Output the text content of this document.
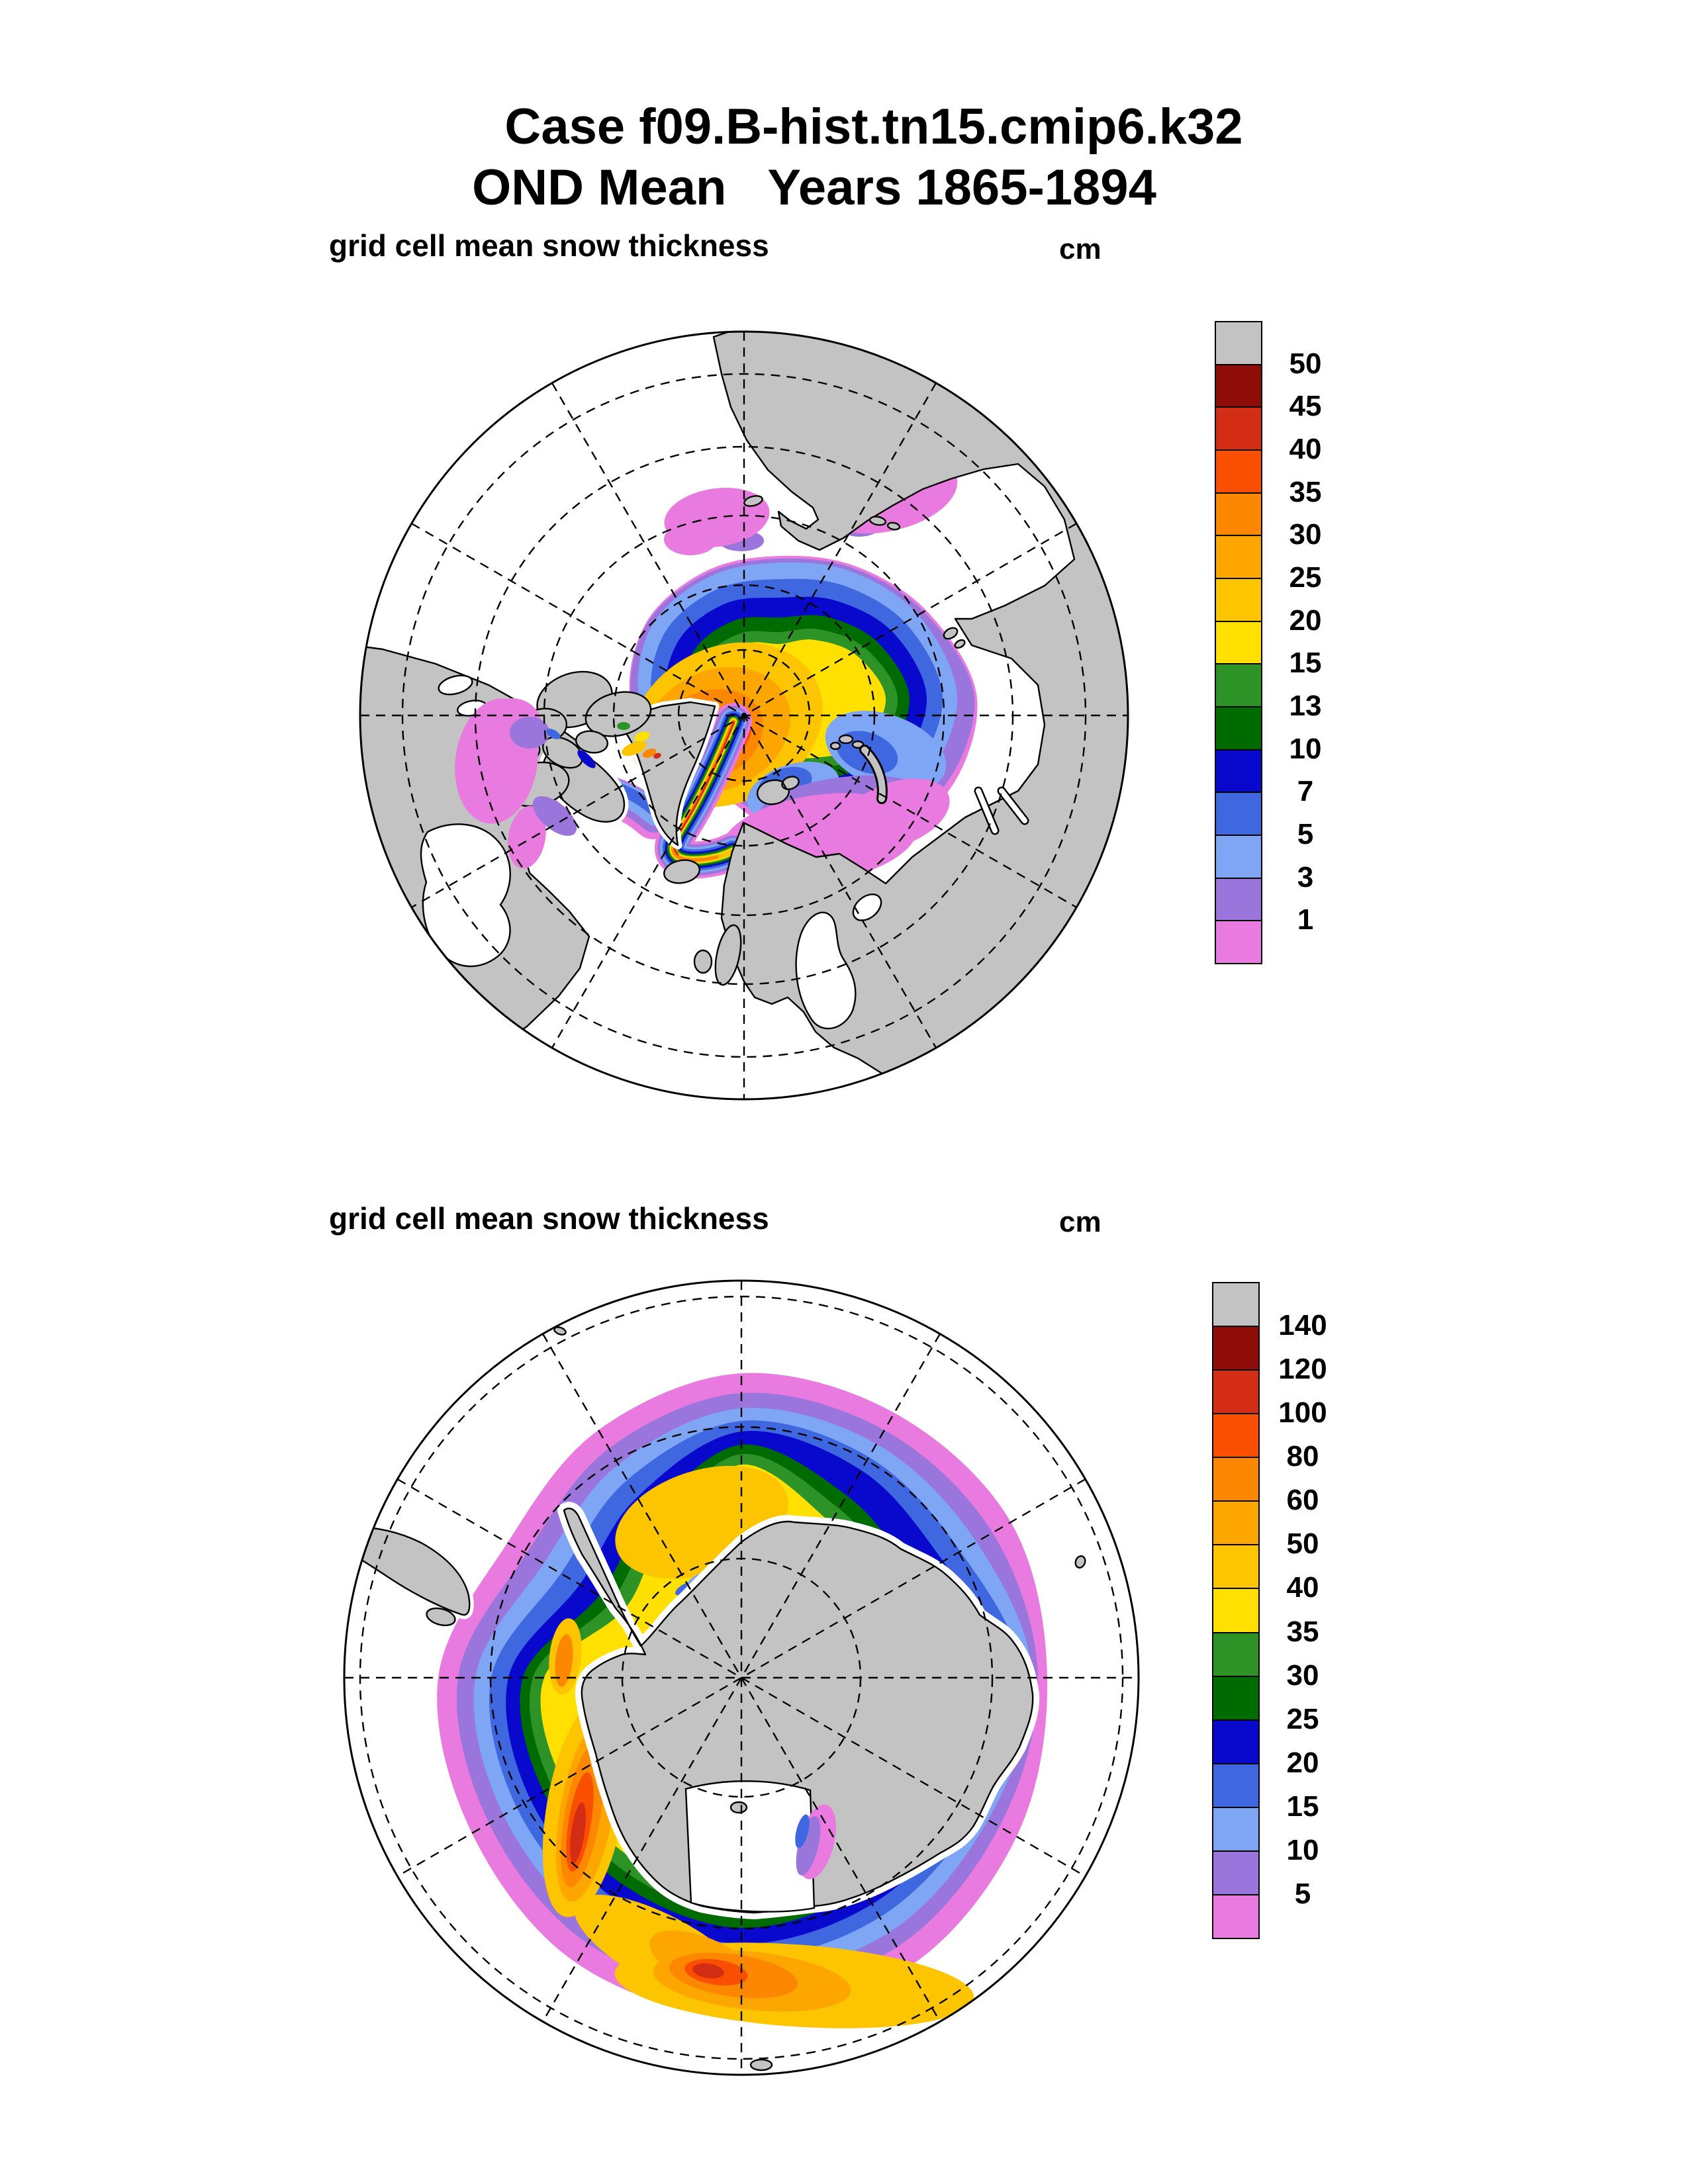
Case f09.B-hist.tn15.cmip6.k32
OND Mean   Years 1865-1894
grid cell mean snow thickness	cm
grid cell mean snow thickness	cm
50
45
40
35
30
25
20
15
13
10
7
5
3
1
140
120
100
80
60
50
40
35
30
25
20
15
10
5
